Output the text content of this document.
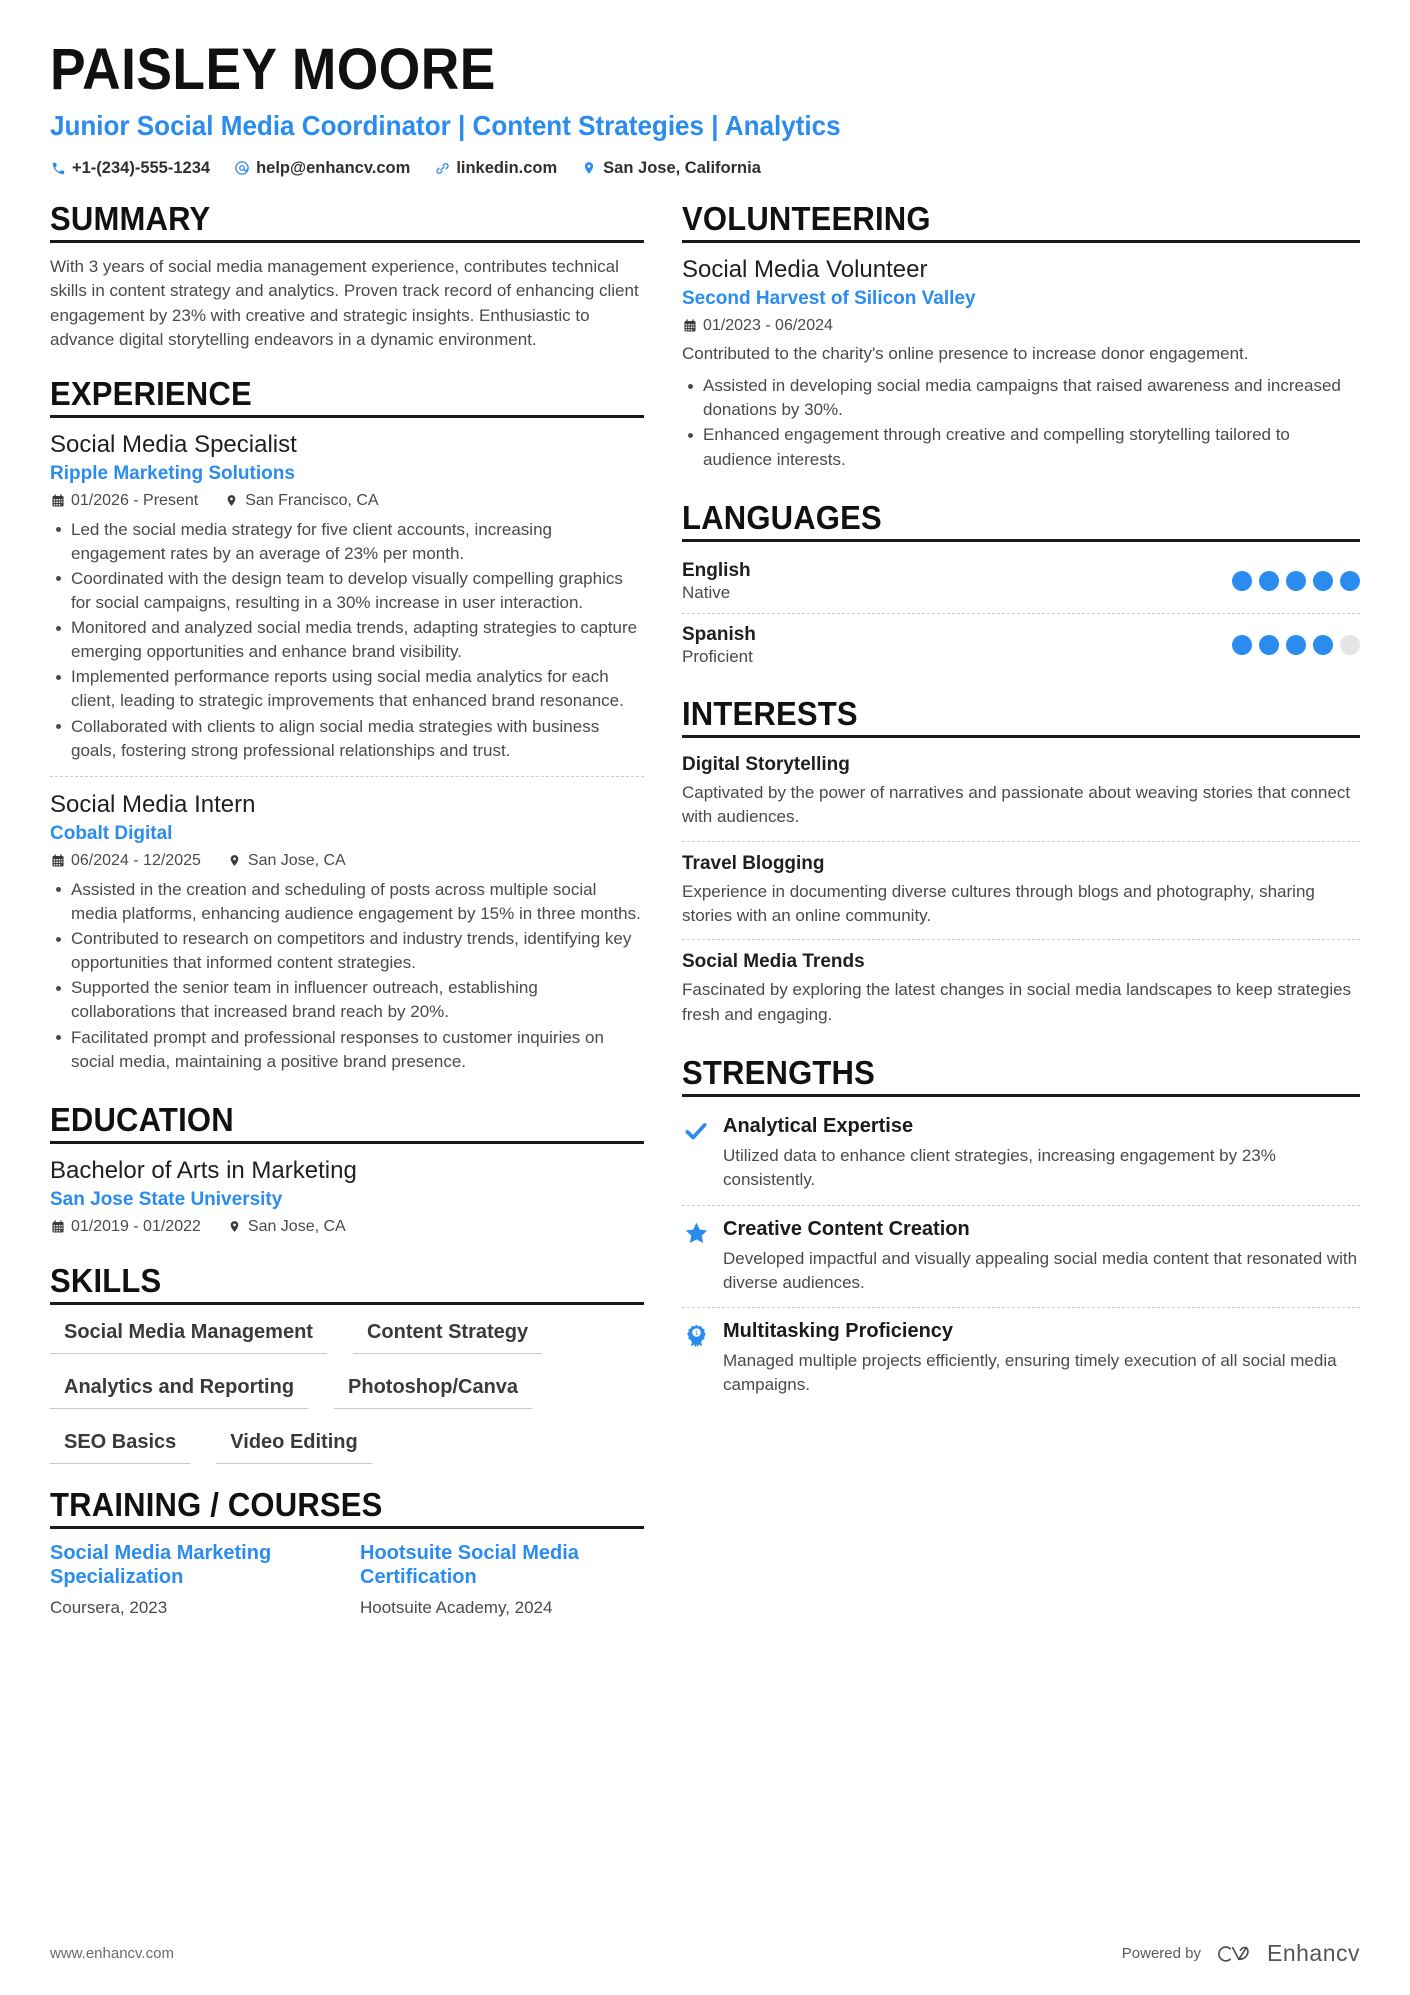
PAISLEY MOORE
Junior Social Media Coordinator | Content Strategies | Analytics
+1-(234)-555-1234	help@enhancv.com	linkedin.com	San Jose, California
SUMMARY
With 3 years of social media management experience, contributes technical skills in content strategy and analytics. Proven track record of enhancing client engagement by 23% with creative and strategic insights. Enthusiastic to advance digital storytelling endeavors in a dynamic environment.
EXPERIENCE
Social Media Specialist
Ripple Marketing Solutions
01/2026 - Present	San Francisco, CA
Led the social media strategy for five client accounts, increasing engagement rates by an average of 23% per month.
Coordinated with the design team to develop visually compelling graphics for social campaigns, resulting in a 30% increase in user interaction.
Monitored and analyzed social media trends, adapting strategies to capture emerging opportunities and enhance brand visibility.
Implemented performance reports using social media analytics for each client, leading to strategic improvements that enhanced brand resonance.
Collaborated with clients to align social media strategies with business goals, fostering strong professional relationships and trust.
Social Media Intern
Cobalt Digital
06/2024 - 12/2025	San Jose, CA
Assisted in the creation and scheduling of posts across multiple social media platforms, enhancing audience engagement by 15% in three months.
Contributed to research on competitors and industry trends, identifying key opportunities that informed content strategies.
Supported the senior team in influencer outreach, establishing collaborations that increased brand reach by 20%.
Facilitated prompt and professional responses to customer inquiries on social media, maintaining a positive brand presence.
EDUCATION
Bachelor of Arts in Marketing
San Jose State University
01/2019 - 01/2022	San Jose, CA
SKILLS
Social Media Management	Content Strategy
Analytics and Reporting	Photoshop/Canva
SEO Basics	Video Editing
TRAINING / COURSES
Social Media Marketing Specialization
Coursera, 2023
Hootsuite Social Media Certification
Hootsuite Academy, 2024
VOLUNTEERING
Social Media Volunteer
Second Harvest of Silicon Valley
01/2023 - 06/2024
Contributed to the charity's online presence to increase donor engagement.
Assisted in developing social media campaigns that raised awareness and increased donations by 30%.
Enhanced engagement through creative and compelling storytelling tailored to audience interests.
LANGUAGES
English
Native
Spanish
Proficient
INTERESTS
Digital Storytelling
Captivated by the power of narratives and passionate about weaving stories that connect with audiences.
Travel Blogging
Experience in documenting diverse cultures through blogs and photography, sharing stories with an online community.
Social Media Trends
Fascinated by exploring the latest changes in social media landscapes to keep strategies fresh and engaging.
STRENGTHS
Analytical Expertise
Utilized data to enhance client strategies, increasing engagement by 23% consistently.
Creative Content Creation
Developed impactful and visually appealing social media content that resonated with diverse audiences.
1 Multitasking Proficiency
Managed multiple projects efficiently, ensuring timely execution of all social media campaigns.
www.enhancv.com	Powered by	Enhancv
